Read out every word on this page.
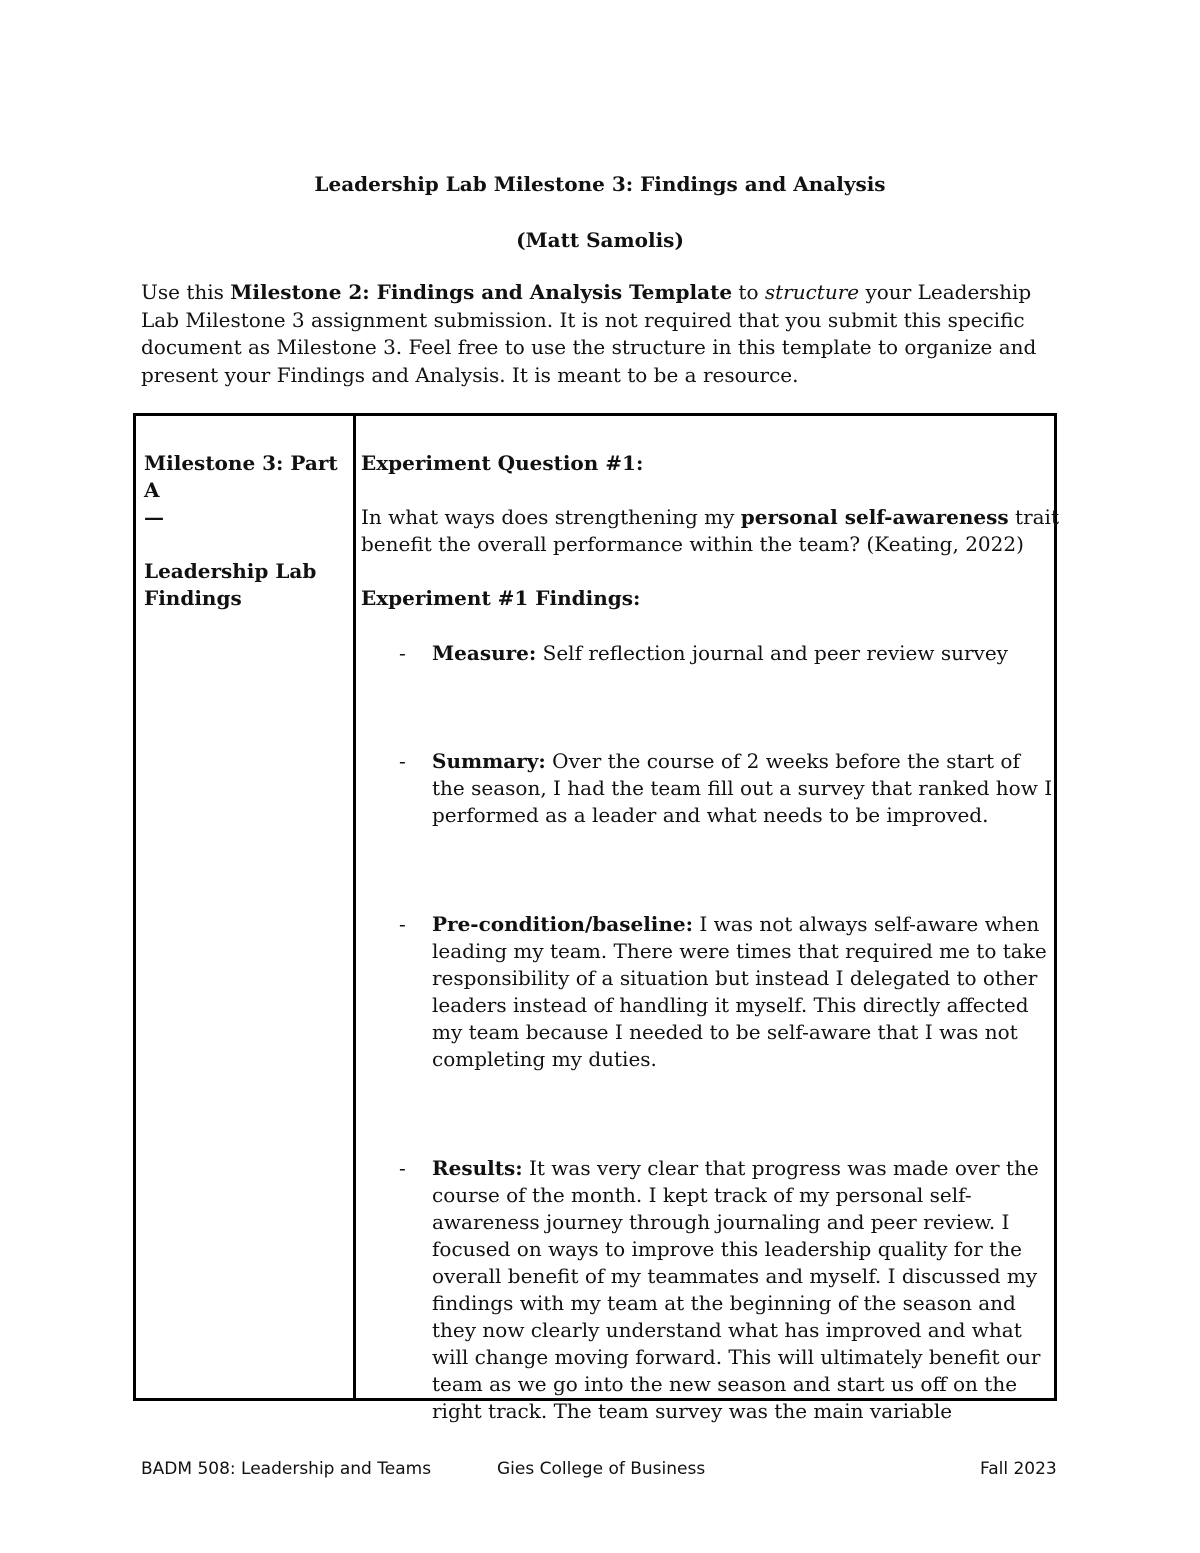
Leadership Lab Milestone 3: Findings and Analysis
(Matt Samolis)

Use this Milestone 2: Findings and Analysis Template to structure your Leadership Lab Milestone 3 assignment submission. It is not required that you submit this specific document as Milestone 3. Feel free to use the structure in this template to organize and present your Findings and Analysis. It is meant to be a resource.

Milestone 3: Part A
—
Leadership Lab
Findings
Experiment Question #1:

In what ways does strengthening my personal self-awareness trait benefit the overall performance within the team? (Keating, 2022)

Experiment #1 Findings:
- Measure: Self reflection journal and peer review survey
- Summary: Over the course of 2 weeks before the start of the season, I had the team fill out a survey that ranked how I performed as a leader and what needs to be improved.
- Pre-condition/baseline: I was not always self-aware when leading my team. There were times that required me to take responsibility of a situation but instead I delegated to other leaders instead of handling it myself. This directly affected my team because I needed to be self-aware that I was not completing my duties.
- Results: It was very clear that progress was made over the course of the month. I kept track of my personal self-awareness journey through journaling and peer review. I focused on ways to improve this leadership quality for the overall benefit of my teammates and myself. I discussed my findings with my team at the beginning of the season and they now clearly understand what has improved and what will change moving forward. This will ultimately benefit our team as we go into the new season and start us off on the right track. The team survey was the main variable
BADM 508: Leadership and Teams	Gies College of Business	Fall 2023
